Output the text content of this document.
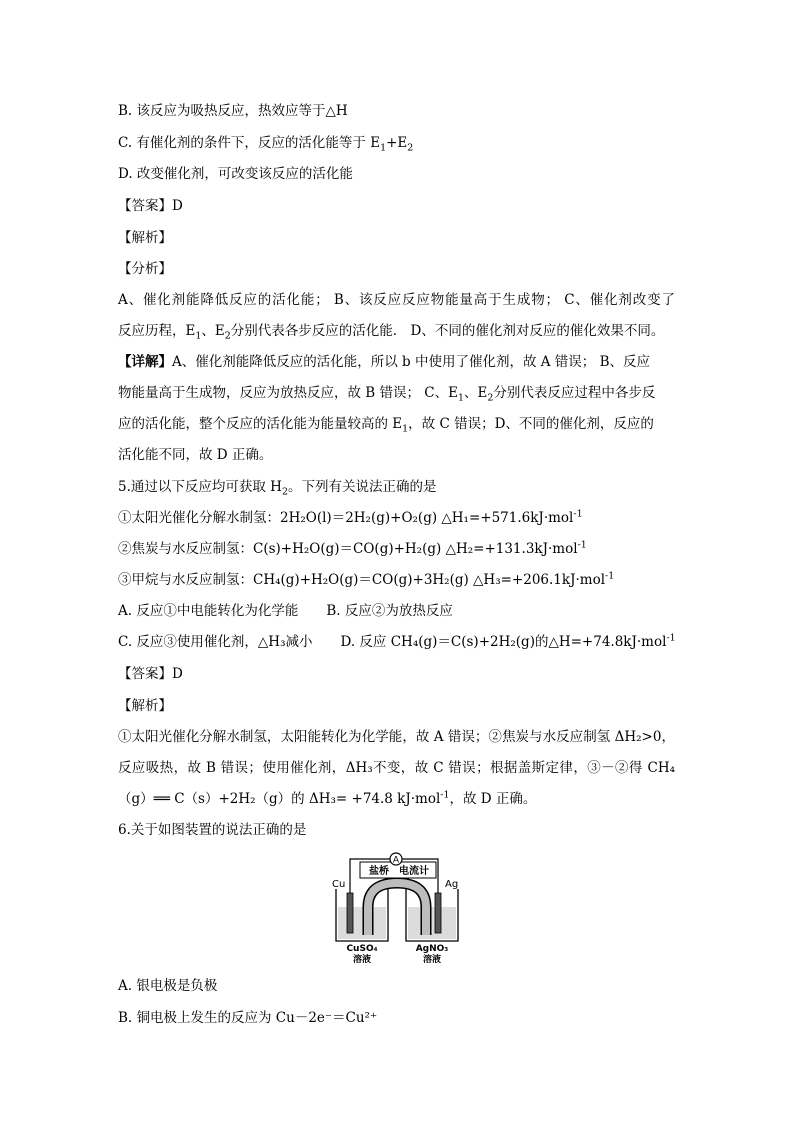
B. 该反应为吸热反应，热效应等于△H
C. 有催化剂的条件下，反应的活化能等于 $E_1+E_2$
D. 改变催化剂，可改变该反应的活化能
【答案】D
【解析】
【分析】
A、催化剂能降低反应的活化能； B、该反应反应物能量高于生成物； C、催化剂改变了
反应历程，$E_1$、$E_2$分别代表各步反应的活化能． D、不同的催化剂对反应的催化效果不同。
【详解】A、催化剂能降低反应的活化能，所以 b 中使用了催化剂，故 A 错误； B、反应
物能量高于生成物，反应为放热反应，故 B 错误； C、$E_1$、$E_2$分别代表反应过程中各步反
应的活化能，整个反应的活化能为能量较高的 $E_1$，故 C 错误；D、不同的催化剂，反应的
活化能不同，故 D 正确。
5.通过以下反应均可获取 $H_2$。下列有关说法正确的是
①太阳光催化分解水制氢：2H₂O(l)＝2H₂(g)+O₂(g) △H₁=+571.6kJ·mol$^{-1}$
②焦炭与水反应制氢：C(s)+H₂O(g)＝CO(g)+H₂(g) △H₂=+131.3kJ·mol$^{-1}$
③甲烷与水反应制氢：CH₄(g)+H₂O(g)＝CO(g)+3H₂(g) △H₃=+206.1kJ·mol$^{-1}$
A. 反应①中电能转化为化学能 B. 反应②为放热反应
C. 反应③使用催化剂，△H₃减小 D. 反应 CH₄(g)＝C(s)+2H₂(g)的△H=+74.8kJ·mol$^{-1}$
【答案】D
【解析】
①太阳光催化分解水制氢，太阳能转化为化学能，故 A 错误；②焦炭与水反应制氢 ΔH₂>0，
反应吸热，故 B 错误；使用催化剂，ΔH₃不变，故 C 错误；根据盖斯定律，③－②得 CH₄
（g）══ C（s）+2H₂（g）的 ΔH₃= +74.8 kJ·mol$^{-1}$，故 D 正确。
6.关于如图装置的说法正确的是
A
盐桥 电流计
Cu	Ag
CuSO₄
溶液
AgNO₃
溶液
A. 银电极是负极
B. 铜电极上发生的反应为 Cu－2e⁻＝Cu²⁺
